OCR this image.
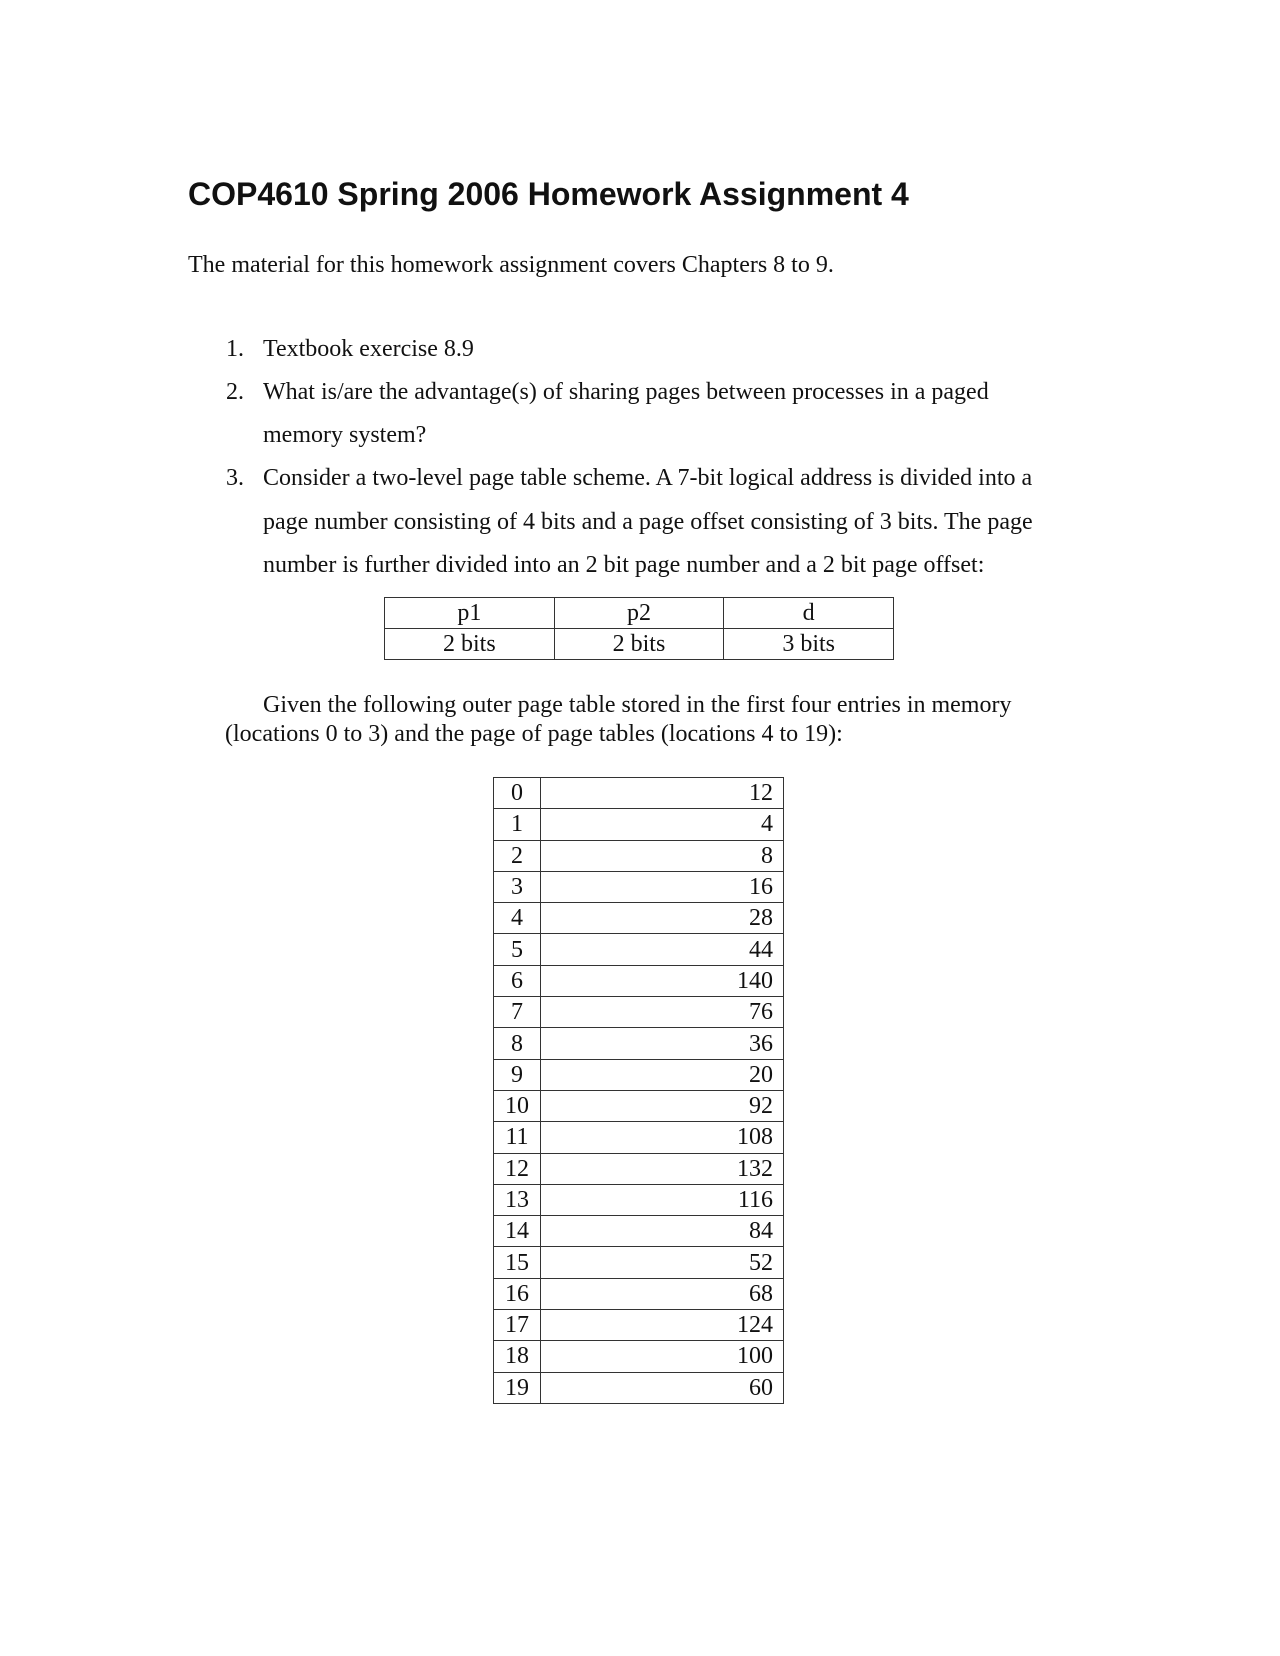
COP4610 Spring 2006 Homework Assignment 4

The material for this homework assignment covers Chapters 8 to 9.

1. Textbook exercise 8.9
2. What is/are the advantage(s) of sharing pages between processes in a paged
memory system?
3. Consider a two-level page table scheme. A 7-bit logical address is divided into a
page number consisting of 4 bits and a page offset consisting of 3 bits. The page
number is further divided into an 2 bit page number and a 2 bit page offset:
p1	p2	d
2 bits	2 bits	3 bits

Given the following outer page table stored in the first four entries in memory

(locations 0 to 3) and the page of page tables (locations 4 to 19):

0	12
1	4
2	8
3	16
4	28
5	44
6	140
7	76
8	36
9	20
10	92
11	108
12	132
13	116
14	84
15	52
16	68
17	124
18	100
19	60
